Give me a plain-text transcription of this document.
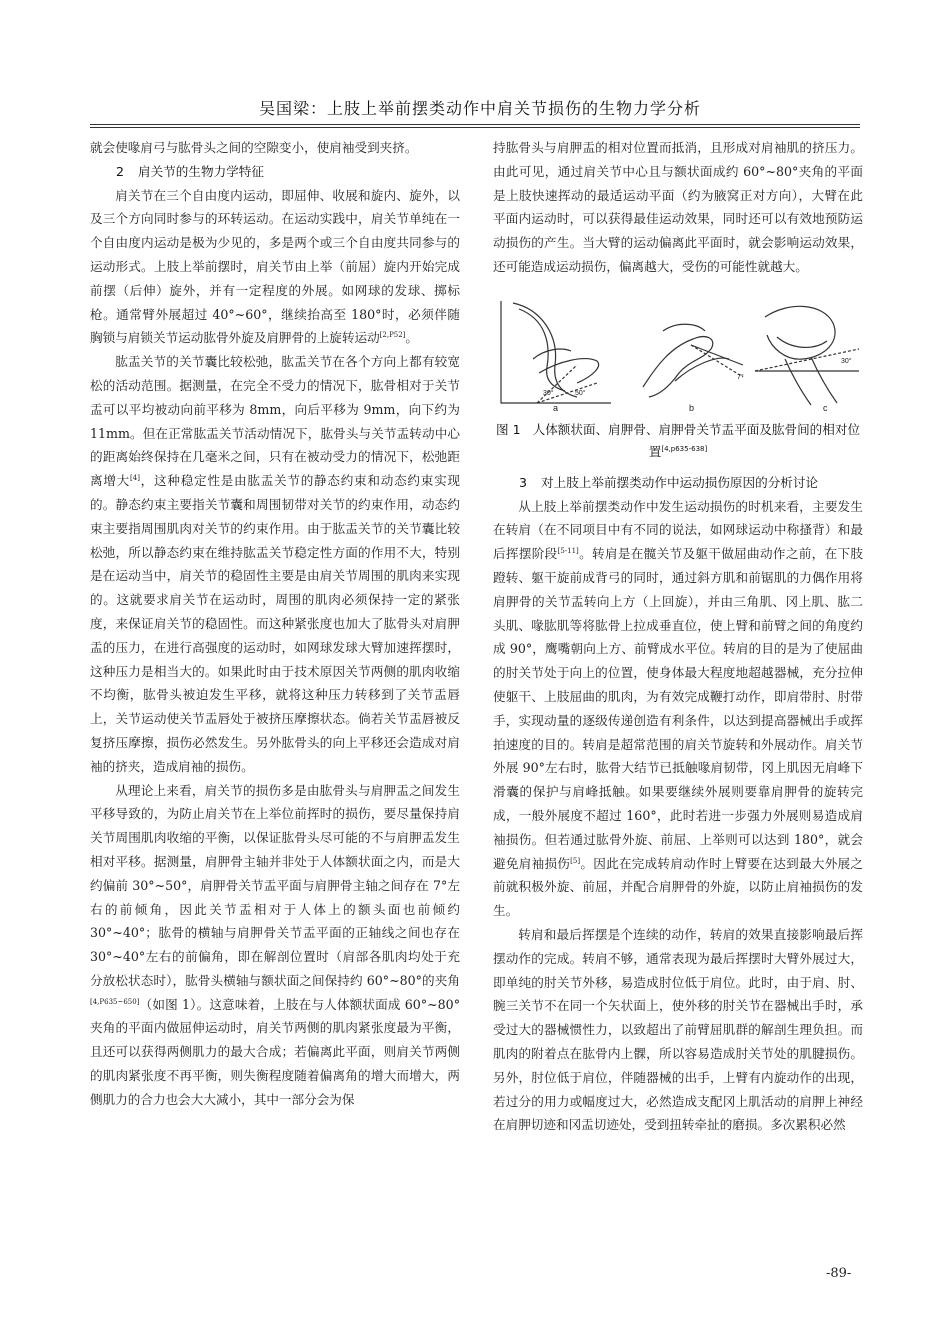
吴国梁：上肢上举前摆类动作中肩关节损伤的生物力学分析

就会使喙肩弓与肱骨头之间的空隙变小，使肩袖受到夹挤。

2 肩关节的生物力学特征

肩关节在三个自由度内运动，即屈伸、收展和旋内、旋外，以及三个方向同时参与的环转运动。在运动实践中，肩关节单纯在一个自由度内运动是极为少见的，多是两个或三个自由度共同参与的运动形式。上肢上举前摆时，肩关节由上举（前屈）旋内开始完成前摆（后伸）旋外，并有一定程度的外展。如网球的发球、掷标枪。通常臂外展超过 40°~60°，继续抬高至 180°时，必须伴随胸锁与肩锁关节运动肱骨外旋及肩胛骨的上旋转运动[2,P52]。

肱盂关节的关节囊比较松弛，肱盂关节在各个方向上都有较宽松的活动范围。据测量，在完全不受力的情况下，肱骨相对于关节盂可以平均被动向前平移为 8mm，向后平移为 9mm，向下约为 11mm。但在正常肱盂关节活动情况下，肱骨头与关节盂转动中心的距离始终保持在几毫米之间，只有在被动受力的情况下，松弛距离增大[4]，这种稳定性是由肱盂关节的静态约束和动态约束实现的。静态约束主要指关节囊和周围韧带对关节的约束作用，动态约束主要指周围肌肉对关节的约束作用。由于肱盂关节的关节囊比较松弛，所以静态约束在维持肱盂关节稳定性方面的作用不大，特别是在运动当中，肩关节的稳固性主要是由肩关节周围的肌肉来实现的。这就要求肩关节在运动时，周围的肌肉必须保持一定的紧张度，来保证肩关节的稳固性。而这种紧张度也加大了肱骨头对肩胛盂的压力，在进行高强度的运动时，如网球发球大臂加速挥摆时，这种压力是相当大的。如果此时由于技术原因关节两侧的肌肉收缩不均衡，肱骨头被迫发生平移，就将这种压力转移到了关节盂唇上，关节运动使关节盂唇处于被挤压摩擦状态。倘若关节盂唇被反复挤压摩擦，损伤必然发生。另外肱骨头的向上平移还会造成对肩袖的挤夹，造成肩袖的损伤。

从理论上来看，肩关节的损伤多是由肱骨头与肩胛盂之间发生平移导致的，为防止肩关节在上举位前挥时的损伤，要尽量保持肩关节周围肌肉收缩的平衡，以保证肱骨头尽可能的不与肩胛盂发生相对平移。据测量，肩胛骨主轴并非处于人体额状面之内，而是大约偏前 30°~50°，肩胛骨关节盂平面与肩胛骨主轴之间存在 7°左右的前倾角，因此关节盂相对于人体上的额头面也前倾约 30°~40°；肱骨的横轴与肩胛骨关节盂平面的正轴线之间也存在 30°~40°左右的前偏角，即在解剖位置时（肩部各肌肉均处于充分放松状态时），肱骨头横轴与额状面之间保持约 60°~80°的夹角[4,P635~650]（如图 1）。这意味着，上肢在与人体额状面成 60°~80°夹角的平面内做屈伸运动时，肩关节两侧的肌肉紧张度最为平衡，且还可以获得两侧肌力的最大合成；若偏离此平面，则肩关节两侧的肌肉紧张度不再平衡，则失衡程度随着偏离角的增大而增大，两侧肌力的合力也会大大减小，其中一部分会为保

持肱骨头与肩胛盂的相对位置而抵消，且形成对肩袖肌的挤压力。由此可见，通过肩关节中心且与额状面成约 60°~80°夹角的平面是上肢快速挥动的最适运动平面（约为腋窝正对方向），大臂在此平面内运动时，可以获得最佳运动效果，同时还可以有效地预防运动损伤的产生。当大臂的运动偏离此平面时，就会影响运动效果，还可能造成运动损伤，偏离越大，受伤的可能性就越大。

a	b	c
30°	50°
7°
30°

图 1 人体额状面、肩胛骨、肩胛骨关节盂平面及肱骨间的相对位置[4,p635-638]

3 对上肢上举前摆类动作中运动损伤原因的分析讨论

从上肢上举前摆类动作中发生运动损伤的时机来看，主要发生在转肩（在不同项目中有不同的说法，如网球运动中称搔背）和最后挥摆阶段[5-11]。转肩是在髋关节及躯干做屈曲动作之前，在下肢蹬转、躯干旋前成背弓的同时，通过斜方肌和前锯肌的力偶作用将肩胛骨的关节盂转向上方（上回旋），并由三角肌、冈上肌、肱二头肌、喙肱肌等将肱骨上拉成垂直位，使上臂和前臂之间的角度约成 90°，鹰嘴朝向上方、前臂成水平位。转肩的目的是为了使屈曲的肘关节处于向上的位置，使身体最大程度地超越器械，充分拉伸使躯干、上肢屈曲的肌肉，为有效完成鞭打动作，即肩带肘、肘带手，实现动量的逐级传递创造有利条件，以达到提高器械出手或挥拍速度的目的。转肩是超常范围的肩关节旋转和外展动作。肩关节外展 90°左右时，肱骨大结节已抵触喙肩韧带，冈上肌因无肩峰下滑囊的保护与肩峰抵触。如果要继续外展则要靠肩胛骨的旋转完成，一般外展度不超过 160°，此时若进一步强力外展则易造成肩袖损伤。但若通过肱骨外旋、前屈、上举则可以达到 180°，就会避免肩袖损伤[5]。因此在完成转肩动作时上臂要在达到最大外展之前就积极外旋、前屈，并配合肩胛骨的外旋，以防止肩袖损伤的发生。

转肩和最后挥摆是个连续的动作，转肩的效果直接影响最后挥摆动作的完成。转肩不够，通常表现为最后挥摆时大臂外展过大，即单纯的肘关节外移，易造成肘位低于肩位。此时，由于肩、肘、腕三关节不在同一个矢状面上，使外移的肘关节在器械出手时，承受过大的器械惯性力，以致超出了前臂屈肌群的解剖生理负担。而肌肉的附着点在肱骨内上髁，所以容易造成肘关节处的肌腱损伤。另外，肘位低于肩位，伴随器械的出手，上臂有内旋动作的出现，若过分的用力或幅度过大，必然造成支配冈上肌活动的肩胛上神经在肩胛切迹和冈盂切迹处，受到扭转牵扯的磨损。多次累积必然

-89-
